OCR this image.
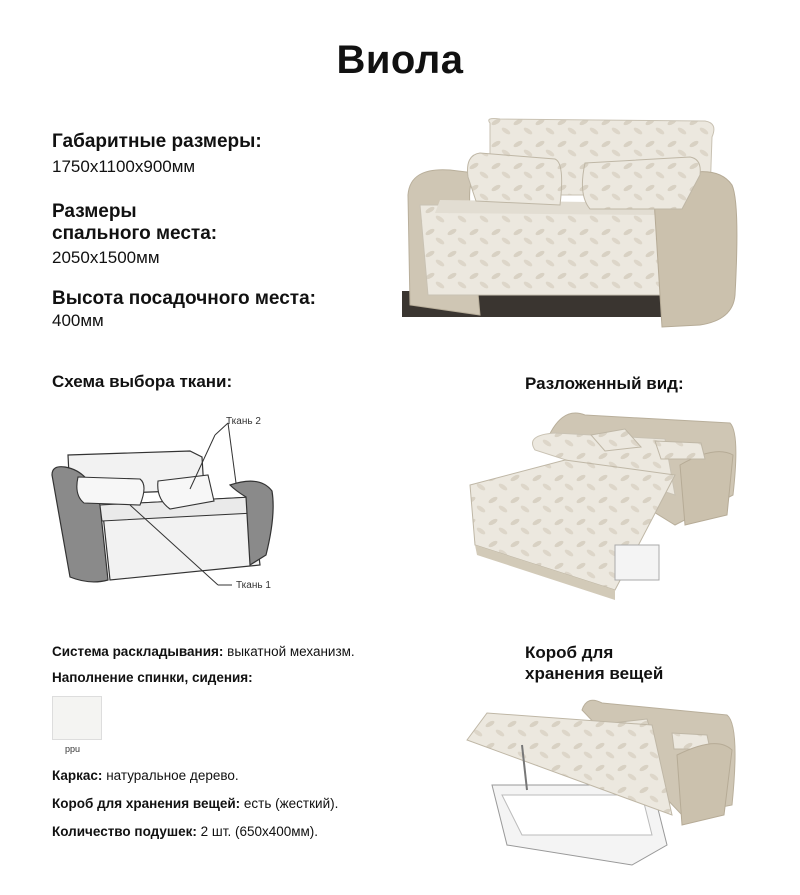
Виола
Габаритные размеры:
1750x1100x900мм
Размеры
спального места:
2050x1500мм
Высота посадочного места:
400мм
Схема выбора ткани:
Ткань 2
Ткань 1
Разложенный вид:
Система раскладывания: выкатной механизм.
Наполнение спинки, сидения:
ppu
Каркас: натуральное дерево.
Короб для хранения вещей: есть (жесткий).
Количество подушек: 2 шт. (650x400мм).
Короб для
хранения вещей
